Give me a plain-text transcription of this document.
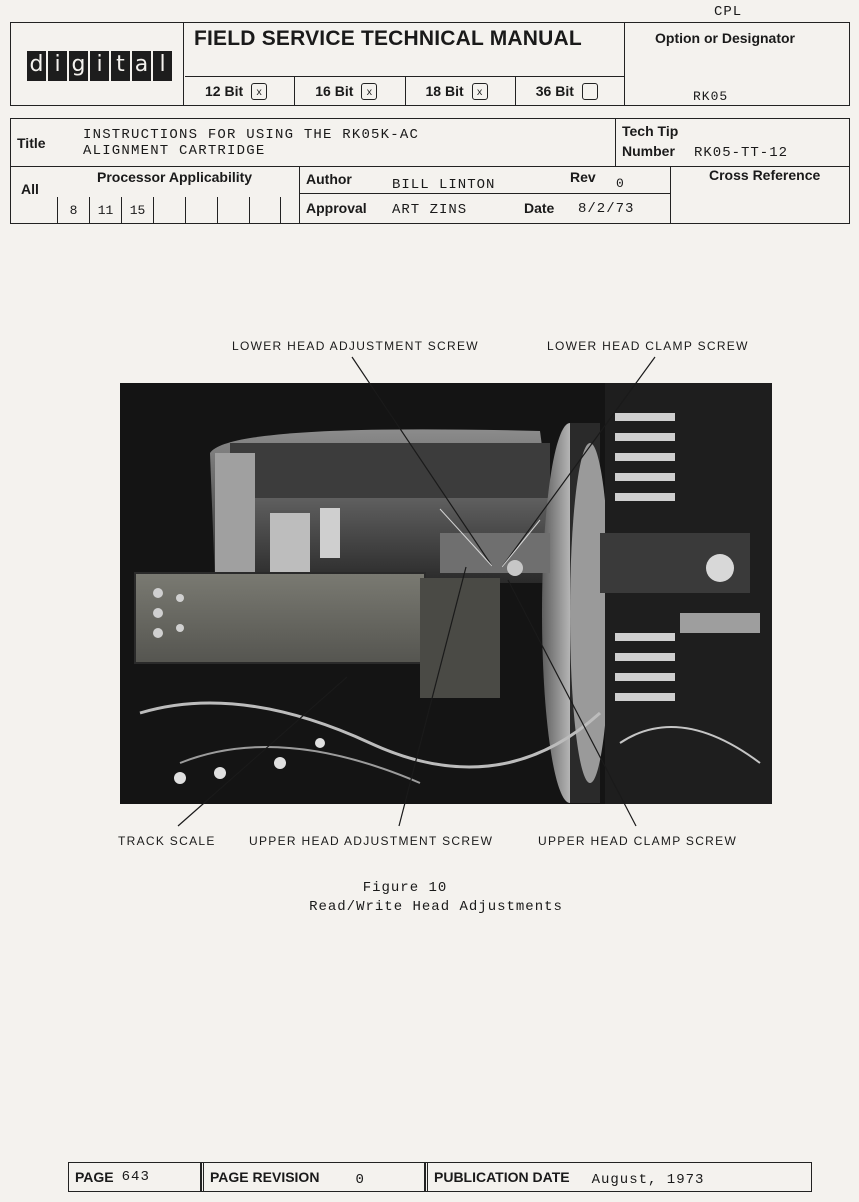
CPL
d i g i t a l
FIELD SERVICE TECHNICAL MANUAL
12 Bit	x	16 Bit	x	18 Bit	x	36 Bit
Option or Designator
RK05
Title	INSTRUCTIONS FOR USING THE RK05K-AC
ALIGNMENT CARTRIDGE
Tech Tip
Number RK05-TT-12
All
Processor Applicability
8	11	15
Author	BILL LINTON	Rev 0
Approval ART ZINS	Date 8/2/73
Cross Reference
LOWER HEAD ADJUSTMENT SCREW	LOWER HEAD CLAMP SCREW
TRACK SCALE	UPPER HEAD ADJUSTMENT SCREW	UPPER HEAD CLAMP SCREW
Figure 10
Read/Write Head Adjustments
PAGE 643	PAGE REVISION	0	PUBLICATION DATE August, 1973
